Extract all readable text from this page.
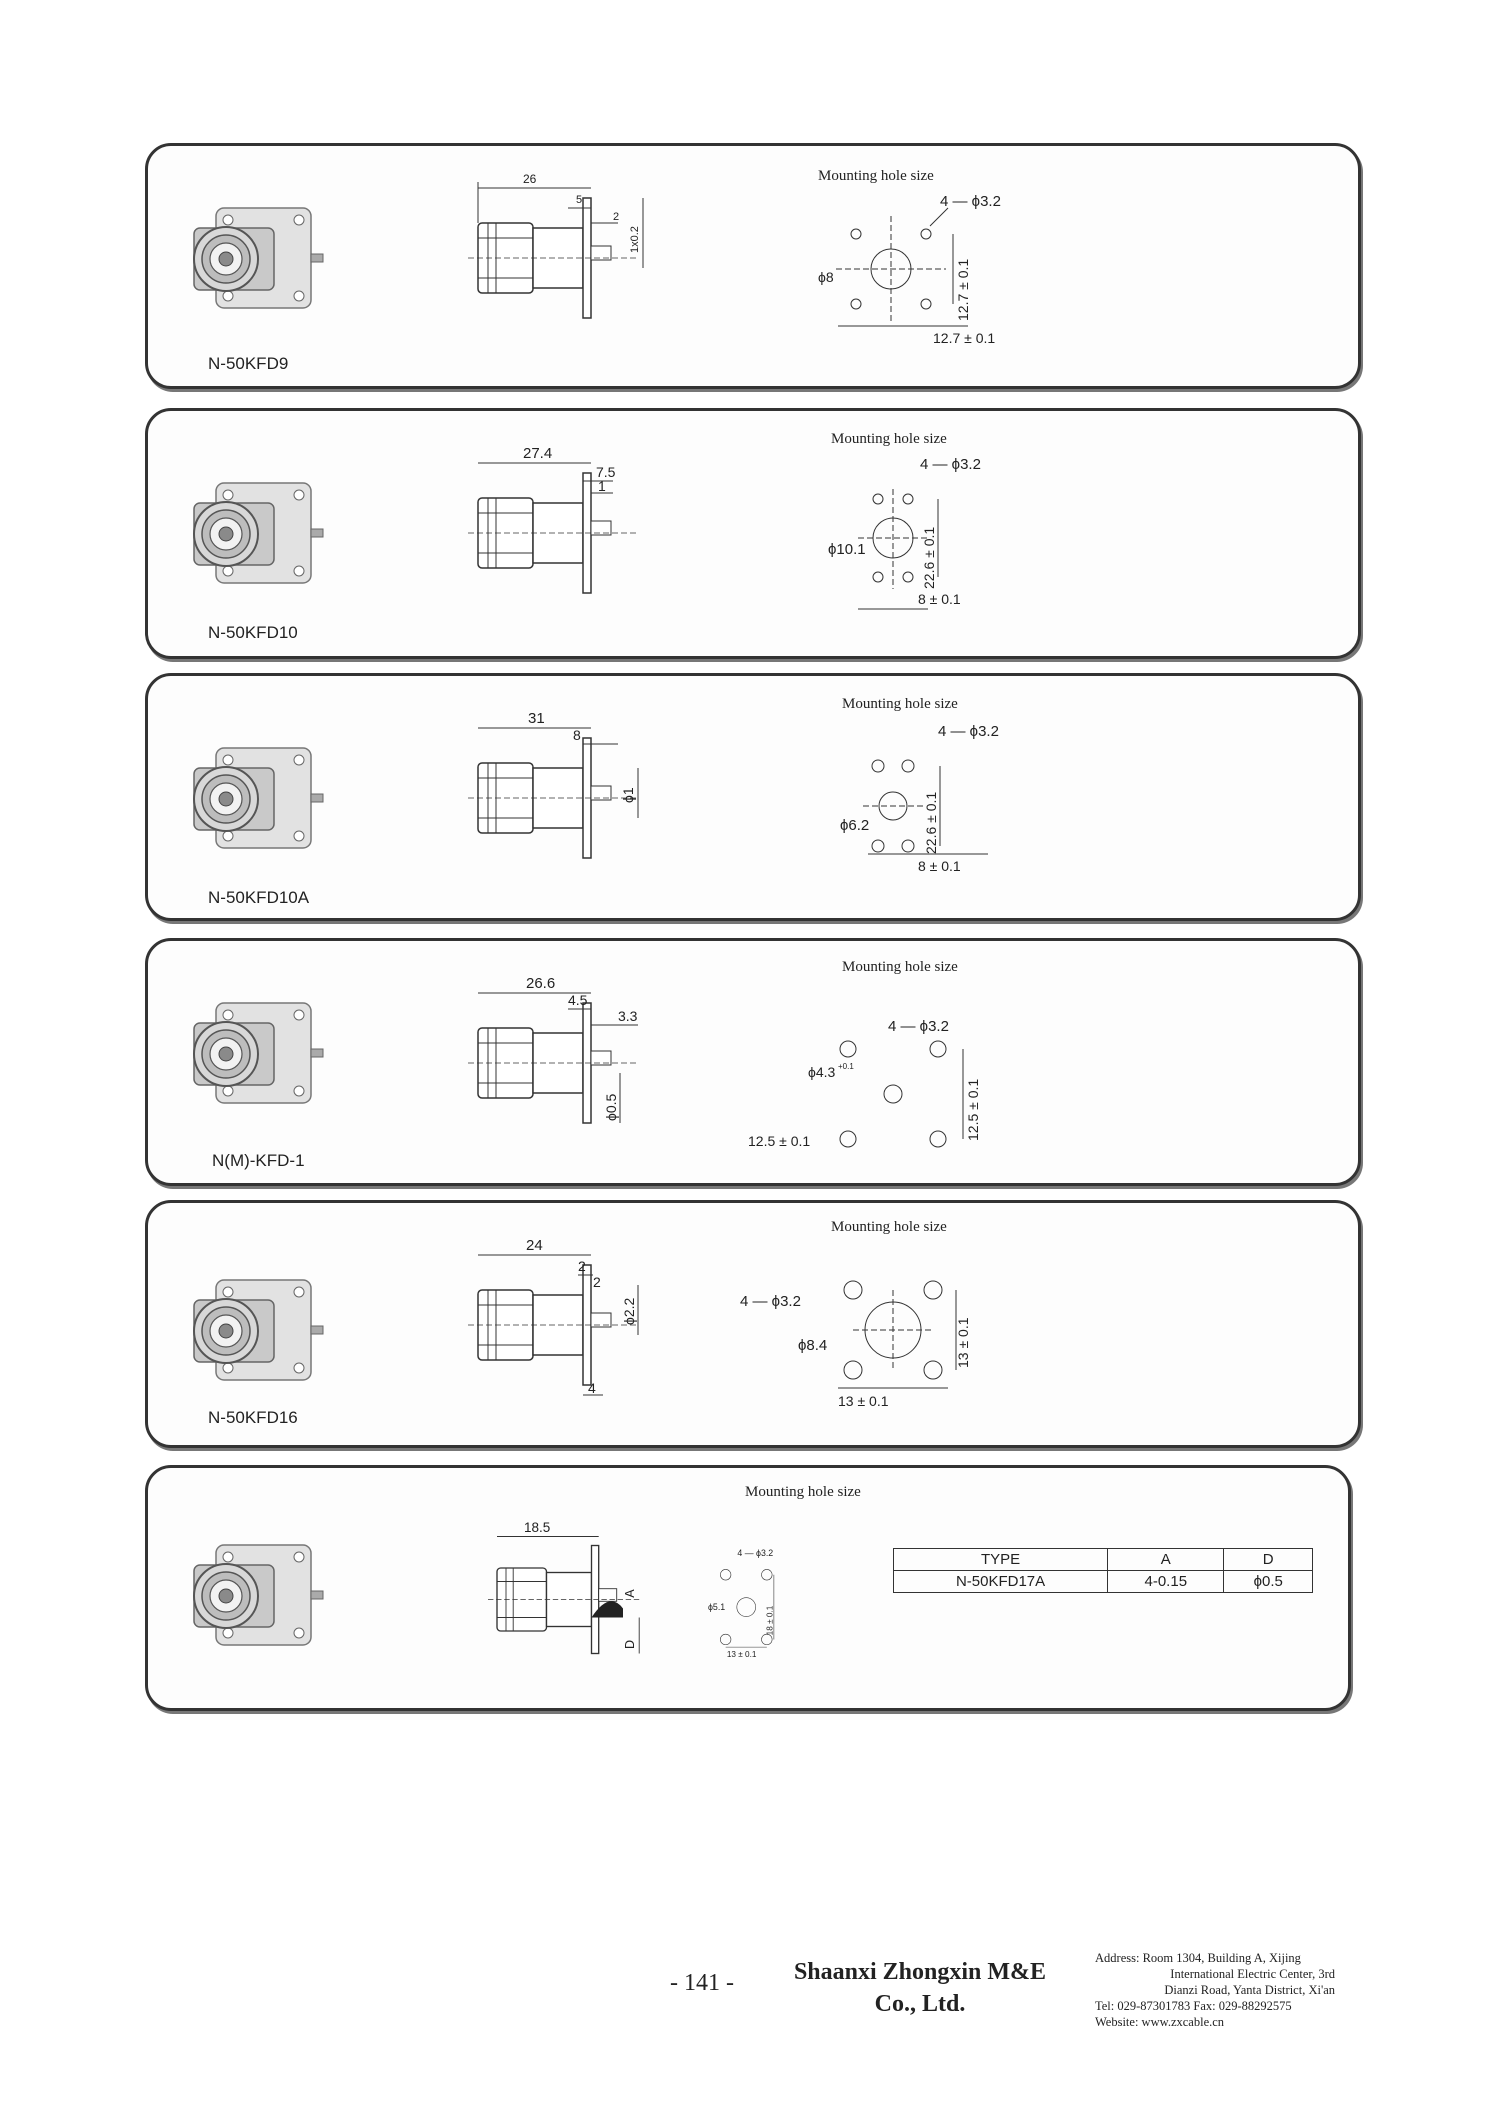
N-50KFD9
26
5
2
1x0.2
Mounting hole size
4 — ϕ3.2
ϕ8	12.7 ± 0.1
12.7 ± 0.1
N-50KFD10
27.4
7.5
1
Mounting hole size
4 — ϕ3.2
ϕ10.1	22.6 ± 0.1
8 ± 0.1
N-50KFD10A
31
8
ϕ1
Mounting hole size
4 — ϕ3.2
ϕ6.2	22.6 ± 0.1
8 ± 0.1
N(M)-KFD-1
26.6
4.5
3.3
ϕ0.5
Mounting hole size
4 — ϕ3.2
ϕ4.3 +0.1
12.5 ± 0.1
12.5 ± 0.1
N-50KFD16
24
2
2
ϕ2.2
4
Mounting hole size
4 — ϕ3.2
ϕ8.4	13 ± 0.1
13 ± 0.1
18.5
A
D
Mounting hole size
4 — ϕ3.2
ϕ5.1	18 ± 0.1
13 ± 0.1
TYPE	A	D
N-50KFD17A	4-0.15	ϕ0.5
- 141 -	Shaanxi Zhongxin M&E
Co., Ltd.
Address: Room 1304, Building A, Xijing
International Electric Center, 3rd
Dianzi Road, Yanta District, Xi'an
Tel: 029-87301783 Fax: 029-88292575
Website: www.zxcable.cn
